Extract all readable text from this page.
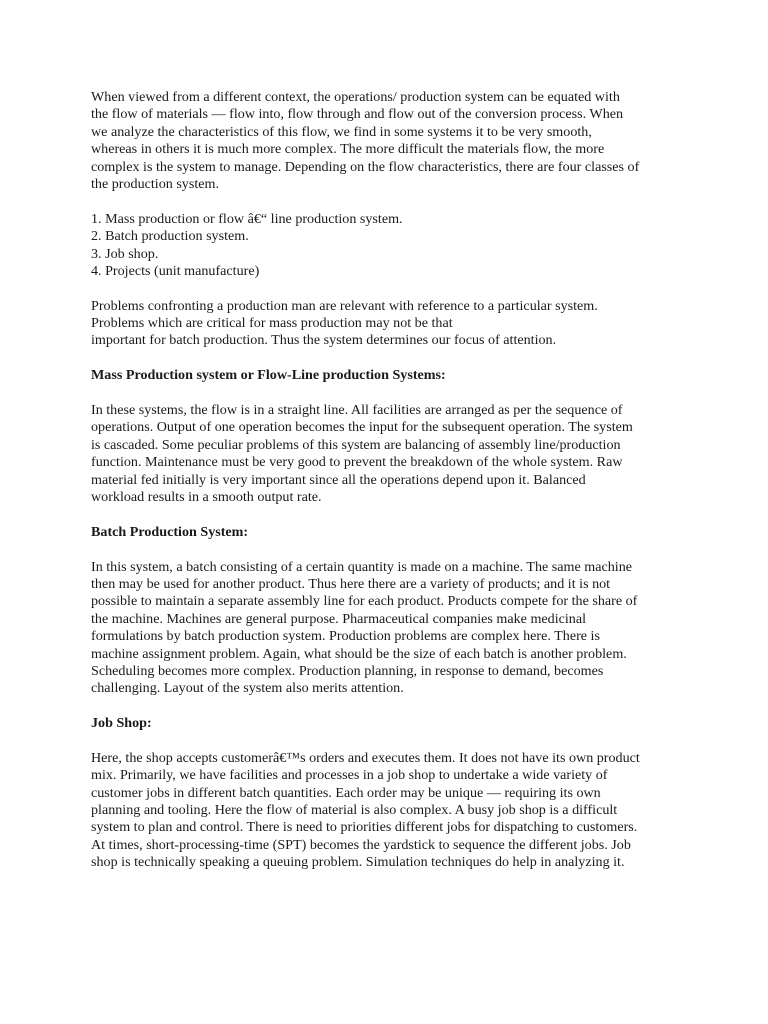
When viewed from a different context, the operations/ production system can be equated with
the flow of materials — flow into, flow through and flow out of the conversion process. When
we analyze the characteristics of this flow, we find in some systems it to be very smooth,
whereas in others it is much more complex. The more difficult the materials flow, the more
complex is the system to manage. Depending on the flow characteristics, there are four classes of
the production system.

1. Mass production or flow â€“ line production system.
2. Batch production system.
3. Job shop.
4. Projects (unit manufacture)

Problems confronting a production man are relevant with reference to a particular system.
Problems which are critical for mass production may not be that
important for batch production. Thus the system determines our focus of attention.

Mass Production system or Flow-Line production Systems:

In these systems, the flow is in a straight line. All facilities are arranged as per the sequence of
operations. Output of one operation becomes the input for the subsequent operation. The system
is cascaded. Some peculiar problems of this system are balancing of assembly line/production
function. Maintenance must be very good to prevent the breakdown of the whole system. Raw
material fed initially is very important since all the operations depend upon it. Balanced
workload results in a smooth output rate.

Batch Production System:

In this system, a batch consisting of a certain quantity is made on a machine. The same machine
then may be used for another product. Thus here there are a variety of products; and it is not
possible to maintain a separate assembly line for each product. Products compete for the share of
the machine. Machines are general purpose. Pharmaceutical companies make medicinal
formulations by batch production system. Production problems are complex here. There is
machine assignment problem. Again, what should be the size of each batch is another problem.
Scheduling becomes more complex. Production planning, in response to demand, becomes
challenging. Layout of the system also merits attention.

Job Shop:

Here, the shop accepts customerâ€™s orders and executes them. It does not have its own product
mix. Primarily, we have facilities and processes in a job shop to undertake a wide variety of
customer jobs in different batch quantities. Each order may be unique — requiring its own
planning and tooling. Here the flow of material is also complex. A busy job shop is a difficult
system to plan and control. There is need to priorities different jobs for dispatching to customers.
At times, short-processing-time (SPT) becomes the yardstick to sequence the different jobs. Job
shop is technically speaking a queuing problem. Simulation techniques do help in analyzing it.
